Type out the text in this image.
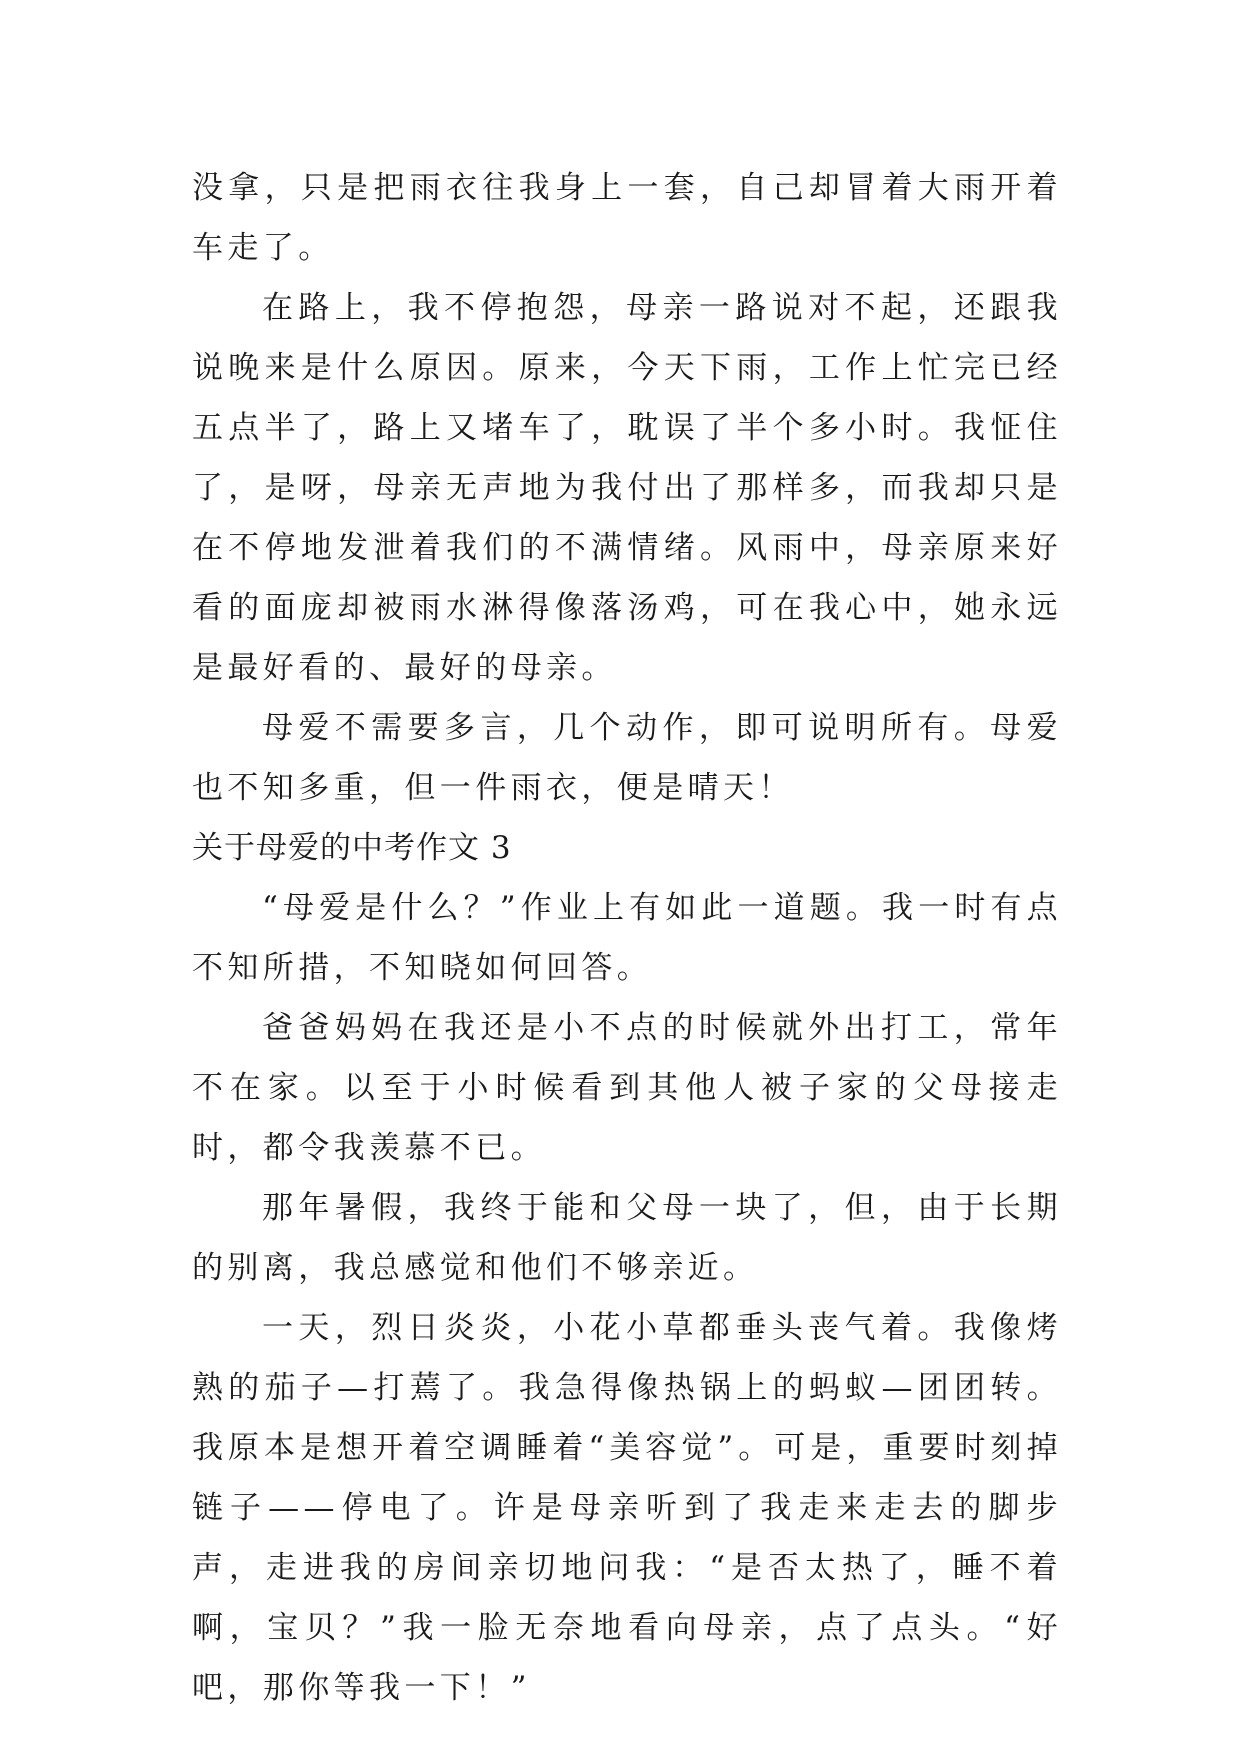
没拿，只是把雨衣往我身上一套，自己却冒着大雨开着车走了。

在路上，我不停抱怨，母亲一路说对不起，还跟我说晚来是什么原因。原来，今天下雨，工作上忙完已经五点半了，路上又堵车了，耽误了半个多小时。我怔住了，是呀，母亲无声地为我付出了那样多，而我却只是在不停地发泄着我们的不满情绪。风雨中，母亲原来好看的面庞却被雨水淋得像落汤鸡，可在我心中，她永远是最好看的、最好的母亲。

母爱不需要多言，几个动作，即可说明所有。母爱也不知多重，但一件雨衣，便是晴天！

关于母爱的中考作文 3

“母爱是什么？”作业上有如此一道题。我一时有点不知所措，不知晓如何回答。

爸爸妈妈在我还是小不点的时候就外出打工，常年不在家。以至于小时候看到其他人被子家的父母接走时，都令我羡慕不已。

那年暑假，我终于能和父母一块了，但，由于长期的别离，我总感觉和他们不够亲近。

一天，烈日炎炎，小花小草都垂头丧气着。我像烤熟的茄子—打蔫了。我急得像热锅上的蚂蚁—团团转。我原本是想开着空调睡着“美容觉”。可是，重要时刻掉链子——停电了。许是母亲听到了我走来走去的脚步声，走进我的房间亲切地问我：“是否太热了，睡不着啊，宝贝？”我一脸无奈地看向母亲，点了点头。“好吧，那你等我一下！”
